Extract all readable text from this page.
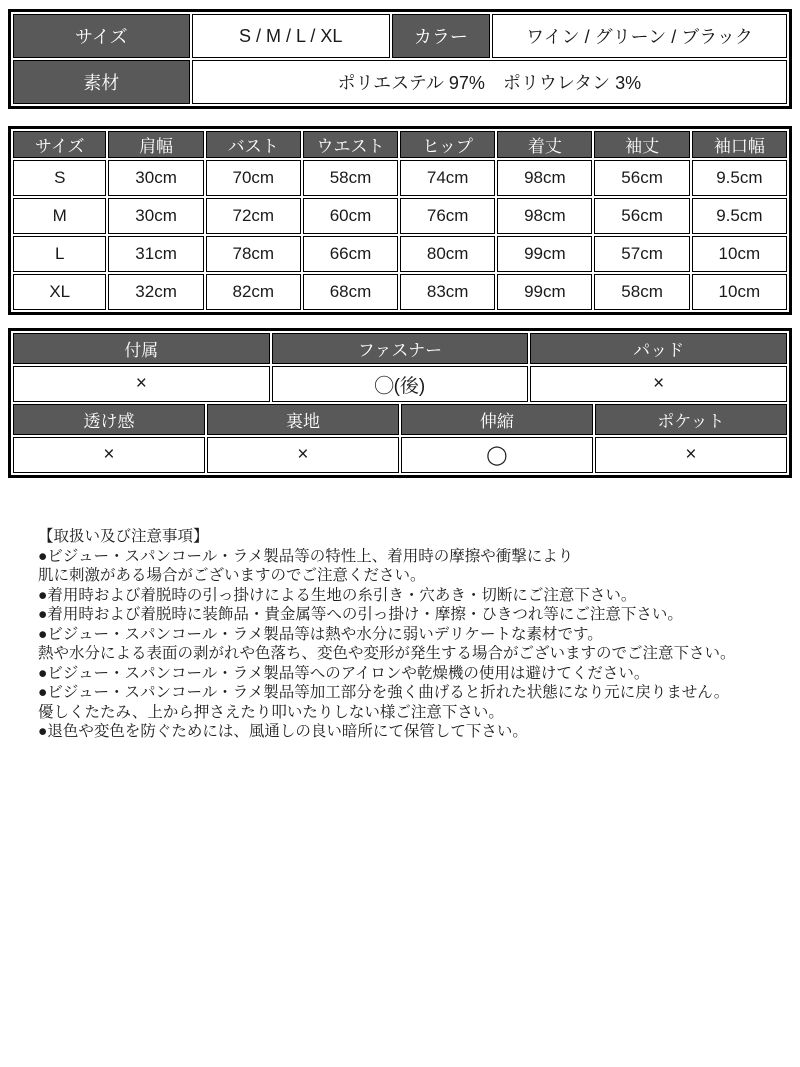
サイズ	S / M / L / XL	カラー	ワイン / グリーン / ブラック
素材	ポリエステル 97%　ポリウレタン 3%		
サイズ	肩幅	バスト	ウエスト	ヒップ	着丈	袖丈	袖口幅
S	30cm	70cm	58cm	74cm	98cm	56cm	9.5cm
M	30cm	72cm	60cm	76cm	98cm	56cm	9.5cm
L	31cm	78cm	66cm	80cm	99cm	57cm	10cm
XL	32cm	82cm	68cm	83cm	99cm	58cm	10cm
付属		ファスナー		パッド	
×		◯(後)		×	
透け感	裏地		伸縮		ポケット
×	×		◯		×
【取扱い及び注意事項】
●ビジュー・スパンコール・ラメ製品等の特性上、着用時の摩擦や衝撃により
肌に刺激がある場合がございますのでご注意ください。
●着用時および着脱時の引っ掛けによる生地の糸引き・穴あき・切断にご注意下さい。
●着用時および着脱時に装飾品・貴金属等への引っ掛け・摩擦・ひきつれ等にご注意下さい。
●ビジュー・スパンコール・ラメ製品等は熱や水分に弱いデリケートな素材です。
熱や水分による表面の剥がれや色落ち、変色や変形が発生する場合がございますのでご注意下さい。
●ビジュー・スパンコール・ラメ製品等へのアイロンや乾燥機の使用は避けてください。
●ビジュー・スパンコール・ラメ製品等加工部分を強く曲げると折れた状態になり元に戻りません。
優しくたたみ、上から押さえたり叩いたりしない様ご注意下さい。
●退色や変色を防ぐためには、風通しの良い暗所にて保管して下さい。
